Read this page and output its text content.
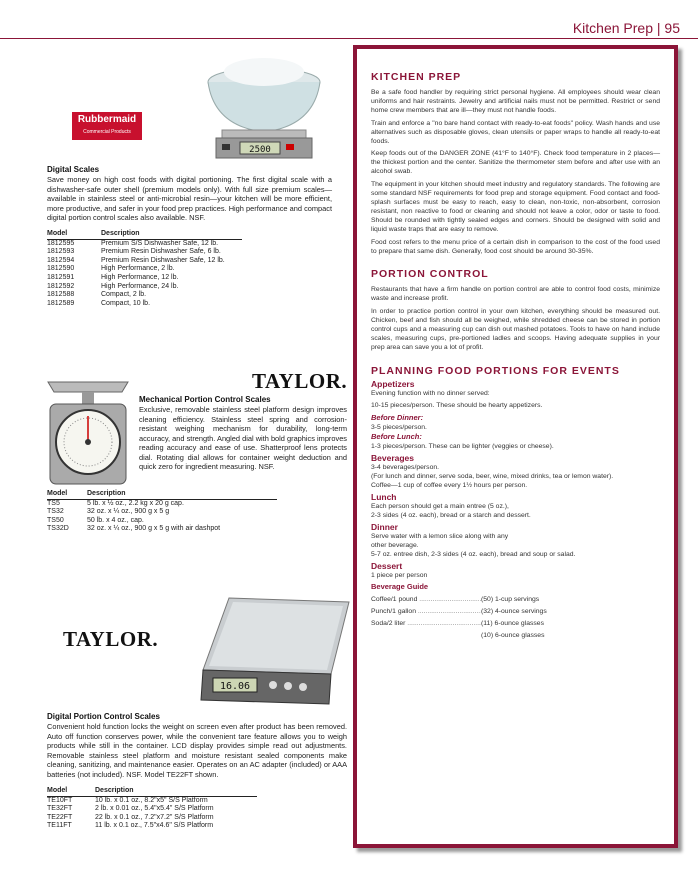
Kitchen Prep | 95
2500
Rubbermaid
Commercial Products
Digital Scales
Save money on high cost foods with digital portioning. The first digital scale with a dishwasher-safe outer shell (premium models only). With full size premium scales—available in stainless steel or anti-microbial resin—your kitchen will be more efficient, more productive, and safer in your food prep practices. High performance and compact digital portion control scales also available. NSF.
Model	Description
1812595	Premium S/S Dishwasher Safe, 12 lb.
1812593	Premium Resin Dishwasher Safe, 6 lb.
1812594	Premium Resin Dishwasher Safe, 12 lb.
1812590	High Performance, 2 lb.
1812591	High Performance, 12 lb.
1812592	High Performance, 24 lb.
1812588	Compact, 2 lb.
1812589	Compact, 10 lb.
TAYLOR.
Mechanical Portion Control Scales
Exclusive, removable stainless steel platform design improves cleaning efficiency. Stainless steel spring and corrosion-resistant weighing mechanism for durability, long-term accuracy, and strength. Angled dial with bold graphics improves reading accuracy and ease of use. Shatterproof lens protects dial. Rotating dial allows for container weight deduction and quick zero for ingredient measuring. NSF.
Model	Description
TS5	5 lb. x ½ oz., 2.2 kg x 20 g cap.
TS32	32 oz. x ¼ oz., 900 g x 5 g
TS50	50 lb. x 4 oz., cap.
TS32D	32 oz. x ¼ oz., 900 g x 5 g with air dashpot
16.06
TAYLOR.
Digital Portion Control Scales
Convenient hold function locks the weight on screen even after product has been removed. Auto off function conserves power, while the convenient tare feature allows you to weigh products while still in the container. LCD display provides simple read out adjustments. Removable stainless steel platform and moisture resistant sealed components make cleaning, sanitizing, and maintenance easier. Operates on an AC adapter (included) or AAA batteries (not included). NSF. Model TE22FT shown.
Model	Description
TE10FT	10 lb. x 0.1 oz., 8.2"x5" S/S Platform
TE32FT	2 lb. x 0.01 oz., 5.4"x5.4" S/S Platform
TE22FT	22 lb. x 0.1 oz., 7.2"x7.2" S/S Platform
TE11FT	11 lb. x 0.1 oz., 7.5"x4.6" S/S Platform
KITCHEN PREP

Be a safe food handler by requiring strict personal hygiene. All employees should wear clean uniforms and hair restraints. Jewelry and artificial nails must not be permitted. Restrict or send home crew members that are ill—they must not handle foods.

Train and enforce a "no bare hand contact with ready-to-eat foods" policy. Wash hands and use alternatives such as disposable gloves, clean utensils or paper wraps to handle all ready-to-eat foods.

Keep foods out of the DANGER ZONE (41°F to 140°F). Check food temperature in 2 places—the thickest portion and the center. Sanitize the thermometer stem before and after use with an alcohol swab.

The equipment in your kitchen should meet industry and regulatory standards. The following are some standard NSF requirements for food prep and storage equipment. Food contact and food-splash surfaces must be easy to reach, easy to clean, non-toxic, non-absorbent, corrosion resistant, non reactive to food or cleaning and should not leave a color, odor or taste to food. Should be rounded with tightly sealed edges and corners. Should be designed with solid and liquid waste traps that are easy to remove.

Food cost refers to the menu price of a certain dish in comparison to the cost of the food used to prepare that same dish. Generally, food cost should be around 30-35%.

PORTION CONTROL

Restaurants that have a firm handle on portion control are able to control food costs, minimize waste and increase profit.

In order to practice portion control in your own kitchen, everything should be measured out. Chicken, beef and fish should all be weighed, while shredded cheese can be stored in portion control cups and a measuring cup can dish out mashed potatoes. Tools to have on hand include scales, measuring cups, pre-portioned ladles and scoops. Having adequate supplies in your prep area can save you a lot of profit.

PLANNING FOOD PORTIONS FOR EVENTS
Appetizers
Evening function with no dinner served:
10-15 pieces/person. These should be hearty appetizers.
Before Dinner:
3-5 pieces/person.
Before Lunch:
1-3 pieces/person. These can be lighter (veggies or cheese).
Beverages
3-4 beverages/person.
(For lunch and dinner, serve soda, beer, wine, mixed drinks, tea or lemon water).
Coffee—1 cup of coffee every 1½ hours per person.
Lunch
Each person should get a main entree (5 oz.),
2-3 sides (4 oz. each), bread or a starch and dessert.
Dinner
Serve water with a lemon slice along with any other beverage.
5-7 oz. entree dish, 2-3 sides (4 oz. each), bread and soup or salad.
Dessert
1 piece per person
Beverage Guide
Coffee/1 pound .....	(50) 1-cup servings
Punch/1 gallon .....	(32) 4-ounce servings
Soda/2 liter .....	(11) 6-ounce glasses
(10) 6-ounce glasses
